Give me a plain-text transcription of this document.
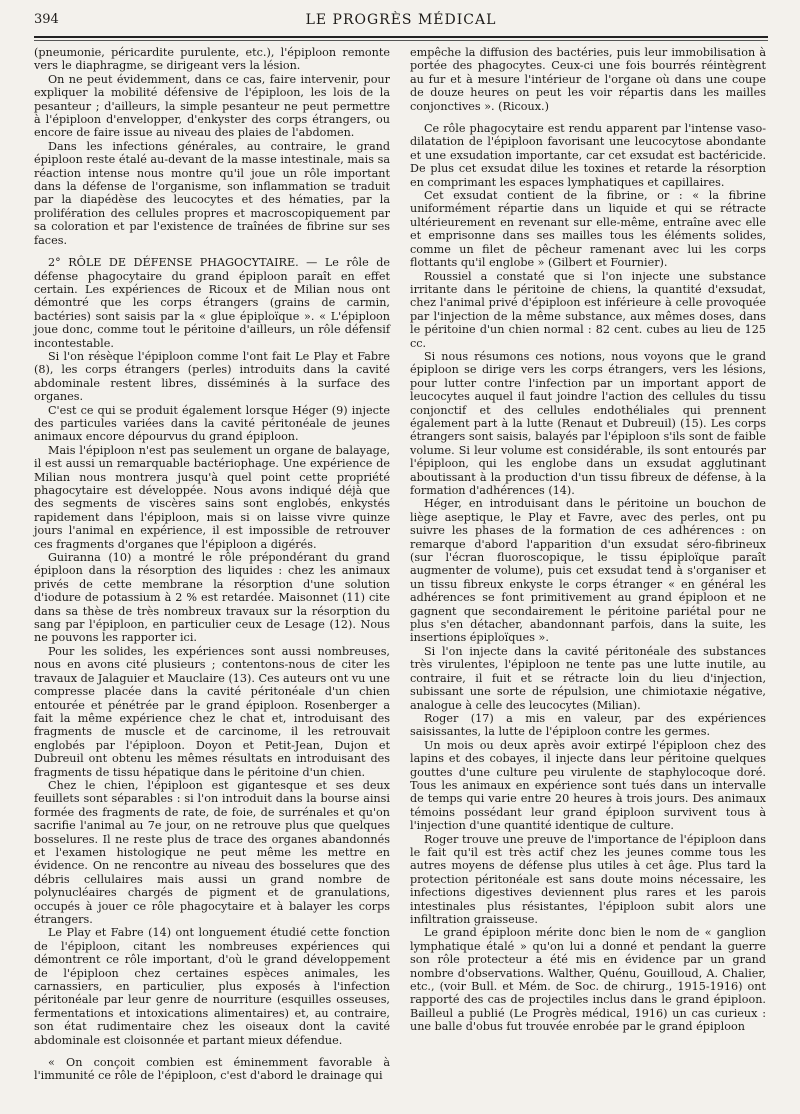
394	LE PROGRÈS MÉDICAL

(pneumonie, péricardite purulente, etc.), l'épiploon remonte vers le diaphragme, se dirigeant vers la lésion.

On ne peut évidemment, dans ce cas, faire intervenir, pour expliquer la mobilité défensive de l'épiploon, les lois de la pesanteur ; d'ailleurs, la simple pesanteur ne peut permettre à l'épiploon d'envelopper, d'enkyster des corps étrangers, ou encore de faire issue au niveau des plaies de l'abdomen.

Dans les infections générales, au contraire, le grand épiploon reste étalé au-devant de la masse intestinale, mais sa réaction intense nous montre qu'il joue un rôle important dans la défense de l'organisme, son inflammation se traduit par la diapédèse des leucocytes et des hématies, par la prolifération des cellules propres et macroscopiquement par sa coloration et par l'existence de traînées de fibrine sur ses faces.

2° RÔLE DE DÉFENSE PHAGOCYTAIRE. — Le rôle de défense phagocytaire du grand épiploon paraît en effet certain. Les expériences de Ricoux et de Milian nous ont démontré que les corps étrangers (grains de carmin, bactéries) sont saisis par la « glue épiploïque ». « L'épiploon joue donc, comme tout le péritoine d'ailleurs, un rôle défensif incontestable.

Si l'on résèque l'épiploon comme l'ont fait Le Play et Fabre (8), les corps étrangers (perles) introduits dans la cavité abdominale restent libres, disséminés à la surface des organes.

C'est ce qui se produit également lorsque Héger (9) injecte des particules variées dans la cavité péritonéale de jeunes animaux encore dépourvus du grand épiploon.

Mais l'épiploon n'est pas seulement un organe de balayage, il est aussi un remarquable bactériophage. Une expérience de Milian nous montrera jusqu'à quel point cette propriété phagocytaire est développée. Nous avons indiqué déjà que des segments de viscères sains sont englobés, enkystés rapidement dans l'épiploon, mais si on laisse vivre quinze jours l'animal en expérience, il est impossible de retrouver ces fragments d'organes que l'épiploon a digérés.

Guiranna (10) a montré le rôle prépondérant du grand épiploon dans la résorption des liquides : chez les animaux privés de cette membrane la résorption d'une solution d'iodure de potassium à 2 % est retardée. Maisonnet (11) cite dans sa thèse de très nombreux travaux sur la résorption du sang par l'épiploon, en particulier ceux de Lesage (12). Nous ne pouvons les rapporter ici.

Pour les solides, les expériences sont aussi nombreuses, nous en avons cité plusieurs ; contentons-nous de citer les travaux de Jalaguier et Mauclaire (13). Ces auteurs ont vu une compresse placée dans la cavité péritonéale d'un chien entourée et pénétrée par le grand épiploon. Rosenberger a fait la même expérience chez le chat et, introduisant des fragments de muscle et de carcinome, il les retrouvait englobés par l'épiploon. Doyon et Petit-Jean, Dujon et Dubreuil ont obtenu les mêmes résultats en introduisant des fragments de tissu hépatique dans le péritoine d'un chien.

Chez le chien, l'épiploon est gigantesque et ses deux feuillets sont séparables : si l'on introduit dans la bourse ainsi formée des fragments de rate, de foie, de surrénales et qu'on sacrifie l'animal au 7e jour, on ne retrouve plus que quelques bosselures. Il ne reste plus de trace des organes abandonnés et l'examen histologique ne peut même les mettre en évidence. On ne rencontre au niveau des bosselures que des débris cellulaires mais aussi un grand nombre de polynucléaires chargés de pigment et de granulations, occupés à jouer ce rôle phagocytaire et à balayer les corps étrangers.

Le Play et Fabre (14) ont longuement étudié cette fonction de l'épiploon, citant les nombreuses expériences qui démontrent ce rôle important, d'où le grand développement de l'épiploon chez certaines espèces animales, les carnassiers, en particulier, plus exposés à l'infection péritonéale par leur genre de nourriture (esquilles osseuses, fermentations et intoxications alimentaires) et, au contraire, son état rudimentaire chez les oiseaux dont la cavité abdominale est cloisonnée et partant mieux défendue.

« On conçoit combien est éminemment favorable à l'immunité ce rôle de l'épiploon, c'est d'abord le drainage qui

empêche la diffusion des bactéries, puis leur immobilisation à portée des phagocytes. Ceux-ci une fois bourrés réintègrent au fur et à mesure l'intérieur de l'organe où dans une coupe de douze heures on peut les voir répartis dans les mailles conjonctives ». (Ricoux.)

Ce rôle phagocytaire est rendu apparent par l'intense vaso-dilatation de l'épiploon favorisant une leucocytose abondante et une exsudation importante, car cet exsudat est bactéricide. De plus cet exsudat dilue les toxines et retarde la résorption en comprimant les espaces lymphatiques et capillaires.

Cet exsudat contient de la fibrine, or : « la fibrine uniformément répartie dans un liquide et qui se rétracte ultérieurement en revenant sur elle-même, entraîne avec elle et emprisonne dans ses mailles tous les éléments solides, comme un filet de pêcheur ramenant avec lui les corps flottants qu'il englobe » (Gilbert et Fournier).

Roussiel a constaté que si l'on injecte une substance irritante dans le péritoine de chiens, la quantité d'exsudat, chez l'animal privé d'épiploon est inférieure à celle provoquée par l'injection de la même substance, aux mêmes doses, dans le péritoine d'un chien normal : 82 cent. cubes au lieu de 125 cc.

Si nous résumons ces notions, nous voyons que le grand épiploon se dirige vers les corps étrangers, vers les lésions, pour lutter contre l'infection par un important apport de leucocytes auquel il faut joindre l'action des cellules du tissu conjonctif et des cellules endothéliales qui prennent également part à la lutte (Renaut et Dubreuil) (15). Les corps étrangers sont saisis, balayés par l'épiploon s'ils sont de faible volume. Si leur volume est considérable, ils sont entourés par l'épiploon, qui les englobe dans un exsudat agglutinant aboutissant à la production d'un tissu fibreux de défense, à la formation d'adhérences (14).

Héger, en introduisant dans le péritoine un bouchon de liège aseptique, le Play et Favre, avec des perles, ont pu suivre les phases de la formation de ces adhérences : on remarque d'abord l'apparition d'un exsudat séro-fibrineux (sur l'écran fluoroscopique, le tissu épiploïque paraît augmenter de volume), puis cet exsudat tend à s'organiser et un tissu fibreux enkyste le corps étranger « en général les adhérences se font primitivement au grand épiploon et ne gagnent que secondairement le péritoine pariétal pour ne plus s'en détacher, abandonnant parfois, dans la suite, les insertions épiploïques ».

Si l'on injecte dans la cavité péritonéale des substances très virulentes, l'épiploon ne tente pas une lutte inutile, au contraire, il fuit et se rétracte loin du lieu d'injection, subissant une sorte de répulsion, une chimiotaxie négative, analogue à celle des leucocytes (Milian).

Roger (17) a mis en valeur, par des expériences saisissantes, la lutte de l'épiploon contre les germes.

Un mois ou deux après avoir extirpé l'épiploon chez des lapins et des cobayes, il injecte dans leur péritoine quelques gouttes d'une culture peu virulente de staphylocoque doré. Tous les animaux en expérience sont tués dans un intervalle de temps qui varie entre 20 heures à trois jours. Des animaux témoins possédant leur grand épiploon survivent tous à l'injection d'une quantité identique de culture.

Roger trouve une preuve de l'importance de l'épiploon dans le fait qu'il est très actif chez les jeunes comme tous les autres moyens de défense plus utiles à cet âge. Plus tard la protection péritonéale est sans doute moins nécessaire, les infections digestives deviennent plus rares et les parois intestinales plus résistantes, l'épiploon subit alors une infiltration graisseuse.

Le grand épiploon mérite donc bien le nom de « ganglion lymphatique étalé » qu'on lui a donné et pendant la guerre son rôle protecteur a été mis en évidence par un grand nombre d'observations. Walther, Quénu, Gouilloud, A. Chalier, etc., (voir Bull. et Mém. de Soc. de chirurg., 1915-1916) ont rapporté des cas de projectiles inclus dans le grand épiploon. Bailleul a publié (Le Progrès médical, 1916) un cas curieux : une balle d'obus fut trouvée enrobée par le grand épiploon
